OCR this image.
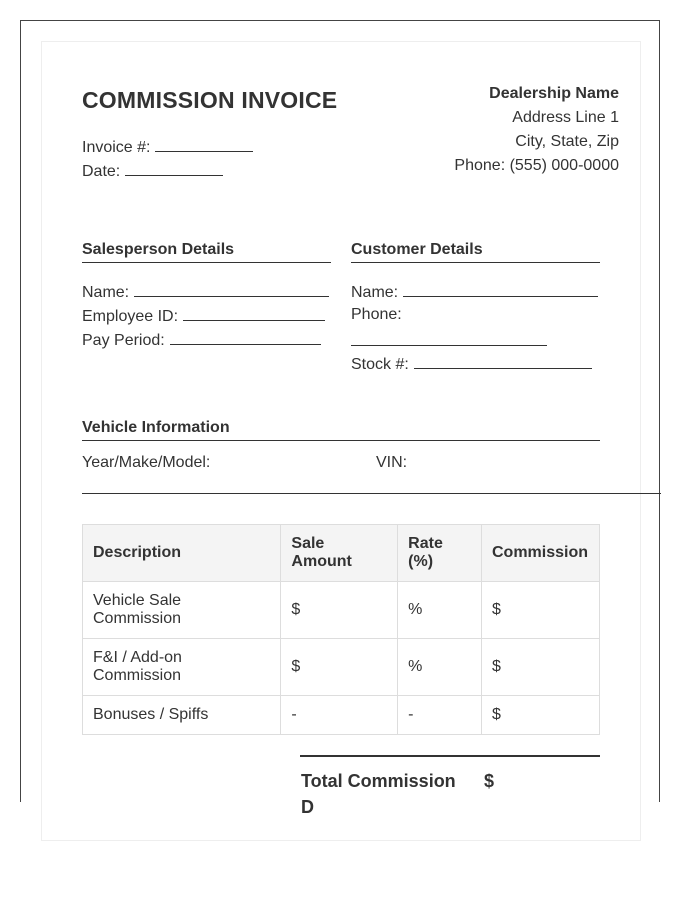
COMMISSION INVOICE
Invoice #:
Date:
Dealership Name
Address Line 1
City, State, Zip
Phone: (555) 000-0000
Salesperson Details
Name:
Employee ID:
Pay Period:
Customer Details
Name:
Phone:
Stock #:
Vehicle Information
Year/Make/Model:	VIN:
Description	Sale Amount	Rate (%)	Commission
Vehicle Sale Commission	$	%	$
F&I / Add-on Commission	$	%	$
Bonuses / Spiffs	-	-	$
Total Commission $
D
